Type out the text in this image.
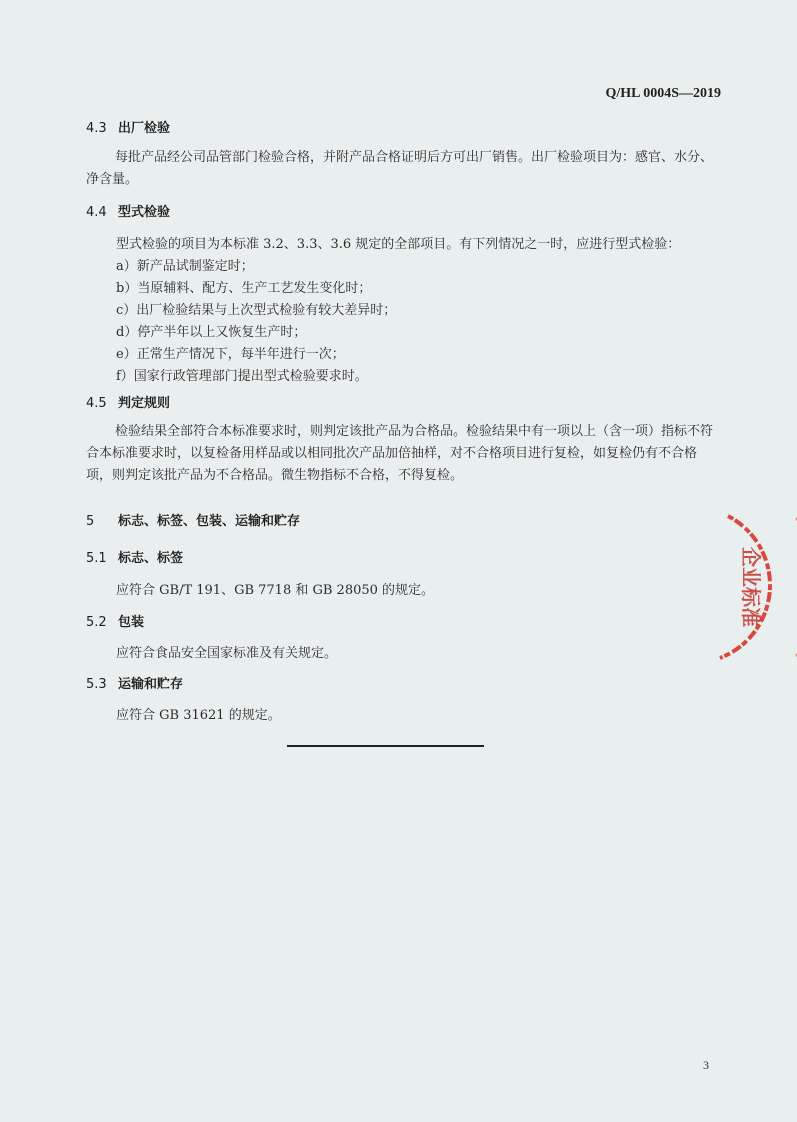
Q/HL 0004S—2019
4.3 出厂检验
每批产品经公司品管部门检验合格，并附产品合格证明后方可出厂销售。出厂检验项目为：感官、水分、净含量。
4.4 型式检验
型式检验的项目为本标准 3.2、3.3、3.6 规定的全部项目。有下列情况之一时，应进行型式检验：
a）新产品试制鉴定时；
b）当原辅料、配方、生产工艺发生变化时；
c）出厂检验结果与上次型式检验有较大差异时；
d）停产半年以上又恢复生产时；
e）正常生产情况下，每半年进行一次；
f）国家行政管理部门提出型式检验要求时。
4.5 判定规则
检验结果全部符合本标准要求时，则判定该批产品为合格品。检验结果中有一项以上（含一项）指标不符合本标准要求时，以复检备用样品或以相同批次产品加倍抽样，对不合格项目进行复检，如复检仍有不合格项，则判定该批产品为不合格品。微生物指标不合格，不得复检。
5 标志、标签、包装、运输和贮存
5.1 标志、标签
应符合 GB/T 191、GB 7718 和 GB 28050 的规定。
5.2 包装
应符合食品安全国家标准及有关规定。
5.3 运输和贮存
应符合 GB 31621 的规定。
企业标准
3
